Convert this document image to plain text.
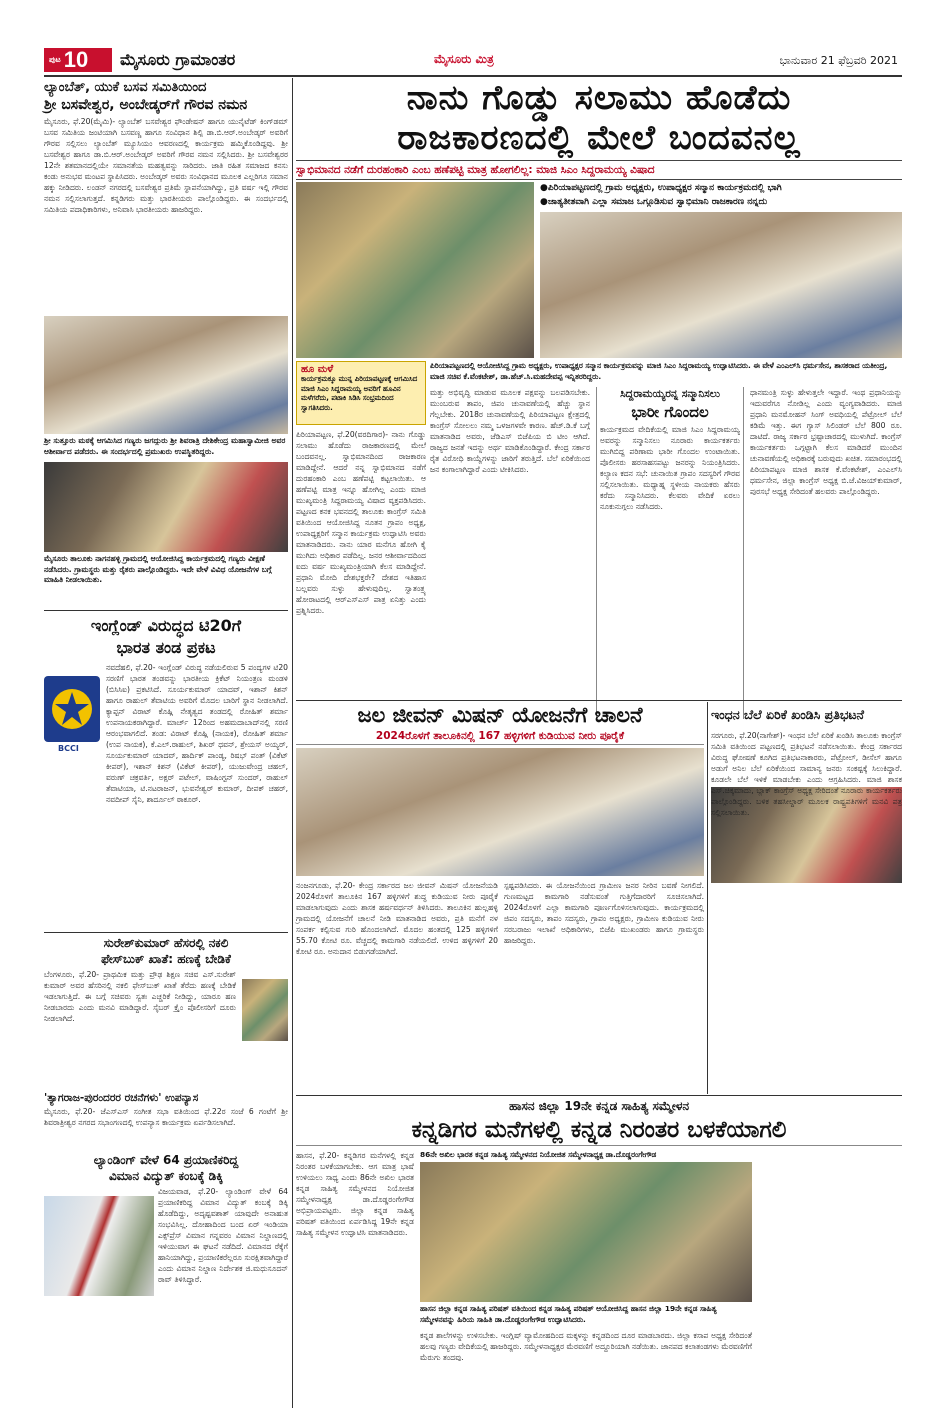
ಪುಟ 10 ಮೈಸೂರು ಗ್ರಾಮಾಂತರ	ಮೈಸೂರು ಮಿತ್ರ	ಭಾನುವಾರ 21 ಫೆಬ್ರವರಿ 2021
ಲ್ಯಾಂಬೆತ್, ಯುಕೆ ಬಸವ ಸಮಿತಿಯಿಂದ
ಶ್ರೀ ಬಸವೇಶ್ವರ, ಅಂಬೇಡ್ಕರ್‌ಗೆ ಗೌರವ ನಮನ
ಮೈಸೂರು, ಫೆ.20(ಮೈಮಿ)- ಲ್ಯಾಂಬೆತ್ ಬಸವೇಶ್ವರ ಫೌಂಡೇಷನ್ ಹಾಗೂ ಯುನೈಟೆಡ್ ಕಿಂಗ್‌ಡಮ್ ಬಸವ ಸಮಿತಿಯ ಜಂಟಿಯಾಗಿ ಬಸವಣ್ಣ ಹಾಗೂ ಸಂವಿಧಾನ ಶಿಲ್ಪಿ ಡಾ.ಬಿ.ಆರ್.ಅಂಬೇಡ್ಕರ್ ಅವರಿಗೆ ಗೌರವ ಸಲ್ಲಿಸಲು ಲ್ಯಾಂಬೆತ್ ಮ್ಯೂಸಿಯಂ ಆವರಣದಲ್ಲಿ ಕಾರ್ಯಕ್ರಮ ಹಮ್ಮಿಕೊಂಡಿದ್ದವು. ಶ್ರೀ ಬಸವೇಶ್ವರ ಹಾಗೂ ಡಾ.ಬಿ.ಆರ್.ಅಂಬೇಡ್ಕರ್ ಅವರಿಗೆ ಗೌರವ ನಮನ ಸಲ್ಲಿಸಿದರು. ಶ್ರೀ ಬಸವೇಶ್ವರರ 12ನೇ ಶತಮಾನದಲ್ಲಿಯೇ ಸಮಾನತೆಯ ಮಹತ್ವವನ್ನು ಸಾರಿದರು. ಜಾತಿ ರಹಿತ ಸಮಾಜದ ಕನಸು ಕಂಡು ಅನುಭವ ಮಂಟಪ ಸ್ಥಾಪಿಸಿದರು. ಅಂಬೇಡ್ಕರ್ ಅವರು ಸಂವಿಧಾನದ ಮೂಲಕ ಎಲ್ಲರಿಗೂ ಸಮಾನ ಹಕ್ಕು ನೀಡಿದರು. ಲಂಡನ್ ನಗರದಲ್ಲಿ ಬಸವೇಶ್ವರ ಪ್ರತಿಮೆ ಸ್ಥಾಪನೆಯಾಗಿದ್ದು, ಪ್ರತಿ ವರ್ಷ ಇಲ್ಲಿ ಗೌರವ ನಮನ ಸಲ್ಲಿಸಲಾಗುತ್ತದೆ. ಕನ್ನಡಿಗರು ಮತ್ತು ಭಾರತೀಯರು ಪಾಲ್ಗೊಂಡಿದ್ದರು. ಈ ಸಂದರ್ಭದಲ್ಲಿ ಸಮಿತಿಯ ಪದಾಧಿಕಾರಿಗಳು, ಅನಿವಾಸಿ ಭಾರತೀಯರು ಹಾಜರಿದ್ದರು.
ಶ್ರೀ ಸುತ್ತೂರು ಮಠಕ್ಕೆ ಆಗಮಿಸಿದ ಗಣ್ಯರು ಜಗದ್ಗುರು ಶ್ರೀ ಶಿವರಾತ್ರಿ ದೇಶಿಕೇಂದ್ರ ಮಹಾಸ್ವಾಮೀಜಿ ಅವರ ಆಶೀರ್ವಾದ ಪಡೆದರು. ಈ ಸಂದರ್ಭದಲ್ಲಿ ಪ್ರಮುಖರು ಉಪಸ್ಥಿತರಿದ್ದರು.
ಮೈಸೂರು ತಾಲೂಕು ನಾಗನಹಳ್ಳಿ ಗ್ರಾಮದಲ್ಲಿ ಆಯೋಜಿಸಿದ್ದ ಕಾರ್ಯಕ್ರಮದಲ್ಲಿ ಗಣ್ಯರು ವೀಕ್ಷಣೆ ನಡೆಸಿದರು. ಗ್ರಾಮಸ್ಥರು ಮತ್ತು ರೈತರು ಪಾಲ್ಗೊಂಡಿದ್ದರು. ಇದೇ ವೇಳೆ ವಿವಿಧ ಯೋಜನೆಗಳ ಬಗ್ಗೆ ಮಾಹಿತಿ ನೀಡಲಾಯಿತು.
ಇಂಗ್ಲೆಂಡ್ ವಿರುದ್ಧದ ಟಿ20ಗೆ
ಭಾರತ ತಂಡ ಪ್ರಕಟ
BCCI
ನವದೆಹಲಿ, ಫೆ.20- ಇಂಗ್ಲೆಂಡ್ ವಿರುದ್ಧ ನಡೆಯಲಿರುವ 5 ಪಂದ್ಯಗಳ ಟಿ20 ಸರಣಿಗೆ ಭಾರತ ತಂಡವನ್ನು ಭಾರತೀಯ ಕ್ರಿಕೆಟ್ ನಿಯಂತ್ರಣ ಮಂಡಳಿ (ಬಿಸಿಸಿಐ) ಪ್ರಕಟಿಸಿದೆ. ಸೂರ್ಯಕುಮಾರ್ ಯಾದವ್, ಇಶಾನ್ ಕಿಶನ್ ಹಾಗೂ ರಾಹುಲ್ ತೆವಾಟಿಯ ಅವರಿಗೆ ಮೊದಲ ಬಾರಿಗೆ ಸ್ಥಾನ ನೀಡಲಾಗಿದೆ. ಕ್ಯಾಪ್ಟನ್ ವಿರಾಟ್ ಕೊಹ್ಲಿ ನೇತೃತ್ವದ ತಂಡದಲ್ಲಿ ರೋಹಿತ್ ಶರ್ಮಾ ಉಪನಾಯಕರಾಗಿದ್ದಾರೆ. ಮಾರ್ಚ್ 12ರಿಂದ ಅಹಮದಾಬಾದ್‌ನಲ್ಲಿ ಸರಣಿ ಆರಂಭವಾಗಲಿದೆ. ತಂಡ: ವಿರಾಟ್ ಕೊಹ್ಲಿ (ನಾಯಕ), ರೋಹಿತ್ ಶರ್ಮಾ (ಉಪ ನಾಯಕ), ಕೆ.ಎಲ್.ರಾಹುಲ್, ಶಿಖರ್ ಧವನ್, ಶ್ರೇಯಸ್ ಅಯ್ಯರ್, ಸೂರ್ಯಕುಮಾರ್ ಯಾದವ್, ಹಾರ್ದಿಕ್ ಪಾಂಡ್ಯ, ರಿಷಭ್ ಪಂತ್ (ವಿಕೆಟ್ ಕೀಪರ್), ಇಶಾನ್ ಕಿಶನ್ (ವಿಕೆಟ್ ಕೀಪರ್), ಯುಜುವೇಂದ್ರ ಚಹಲ್, ವರುಣ್ ಚಕ್ರವರ್ತಿ, ಅಕ್ಷರ್ ಪಟೇಲ್, ವಾಷಿಂಗ್ಟನ್ ಸುಂದರ್, ರಾಹುಲ್ ತೆವಾಟಿಯಾ, ಟಿ.ನಟರಾಜನ್, ಭುವನೇಶ್ವರ್ ಕುಮಾರ್, ದೀಪಕ್ ಚಹರ್, ನವದೀಪ್ ಸೈನಿ, ಶಾರ್ದೂಲ್ ಠಾಕೂರ್.
ಸುರೇಶ್‌ಕುಮಾರ್ ಹೆಸರಲ್ಲಿ ನಕಲಿ
ಫೇಸ್‌ಬುಕ್ ಖಾತೆ: ಹಣಕ್ಕೆ ಬೇಡಿಕೆ
ಬೆಂಗಳೂರು, ಫೆ.20- ಪ್ರಾಥಮಿಕ ಮತ್ತು ಪ್ರೌಢ ಶಿಕ್ಷಣ ಸಚಿವ ಎಸ್.ಸುರೇಶ್ ಕುಮಾರ್ ಅವರ ಹೆಸರಿನಲ್ಲಿ ನಕಲಿ ಫೇಸ್‌ಬುಕ್ ಖಾತೆ ತೆರೆದು ಹಣಕ್ಕೆ ಬೇಡಿಕೆ ಇಡಲಾಗುತ್ತಿದೆ. ಈ ಬಗ್ಗೆ ಸಚಿವರು ಸ್ವತಃ ಎಚ್ಚರಿಕೆ ನೀಡಿದ್ದು, ಯಾರೂ ಹಣ ನೀಡಬಾರದು ಎಂದು ಮನವಿ ಮಾಡಿದ್ದಾರೆ. ಸೈಬರ್ ಕ್ರೈಂ ಪೊಲೀಸರಿಗೆ ದೂರು ನೀಡಲಾಗಿದೆ.
'ತ್ಯಾಗರಾಜ-ಪುರಂದರರ ರಚನೆಗಳು' ಉಪನ್ಯಾಸ
ಮೈಸೂರು, ಫೆ.20- ಜೆಎಸ್‌ಎಸ್ ಸಂಗೀತ ಸಭಾ ವತಿಯಿಂದ ಫೆ.22ರ ಸಂಜೆ 6 ಗಂಟೆಗೆ ಶ್ರೀ ಶಿವರಾತ್ರೀಶ್ವರ ನಗರದ ಸಭಾಂಗಣದಲ್ಲಿ ಉಪನ್ಯಾಸ ಕಾರ್ಯಕ್ರಮ ಏರ್ಪಡಿಸಲಾಗಿದೆ.
ಲ್ಯಾಂಡಿಂಗ್ ವೇಳೆ 64 ಪ್ರಯಾಣಿಕರಿದ್ದ
ವಿಮಾನ ವಿದ್ಯುತ್ ಕಂಬಕ್ಕೆ ಡಿಕ್ಕಿ
ವಿಜಯವಾಡ, ಫೆ.20- ಲ್ಯಾಂಡಿಂಗ್ ವೇಳೆ 64 ಪ್ರಯಾಣಿಕರಿದ್ದ ವಿಮಾನ ವಿದ್ಯುತ್ ಕಂಬಕ್ಕೆ ಡಿಕ್ಕಿ ಹೊಡೆದಿದ್ದು, ಅದೃಷ್ಟವಶಾತ್ ಯಾವುದೇ ಅನಾಹುತ ಸಂಭವಿಸಿಲ್ಲ. ದೋಹಾದಿಂದ ಬಂದ ಏರ್ ಇಂಡಿಯಾ ಎಕ್ಸ್‌ಪ್ರೆಸ್ ವಿಮಾನ ಗನ್ನವರಂ ವಿಮಾನ ನಿಲ್ದಾಣದಲ್ಲಿ ಇಳಿಯುವಾಗ ಈ ಘಟನೆ ನಡೆದಿದೆ. ವಿಮಾನದ ರೆಕ್ಕೆಗೆ ಹಾನಿಯಾಗಿದ್ದು, ಪ್ರಯಾಣಿಕರೆಲ್ಲರೂ ಸುರಕ್ಷಿತವಾಗಿದ್ದಾರೆ ಎಂದು ವಿಮಾನ ನಿಲ್ದಾಣ ನಿರ್ದೇಶಕ ಜಿ.ಮಧುಸೂದನ್ ರಾವ್ ತಿಳಿಸಿದ್ದಾರೆ.
ನಾನು ಗೊಡ್ಡು ಸಲಾಮು ಹೊಡೆದು
ರಾಜಕಾರಣದಲ್ಲಿ ಮೇಲೆ ಬಂದವನಲ್ಲ
ಸ್ವಾಭಿಮಾನದ ನಡೆಗೆ ದುರಹಂಕಾರಿ ಎಂಬ ಹಣೆಪಟ್ಟಿ ಮಾತ್ರ ಹೋಗಲಿಲ್ಲ: ಮಾಜಿ ಸಿಎಂ ಸಿದ್ದರಾಮಯ್ಯ ವಿಷಾದ
●ಪಿರಿಯಾಪಟ್ಟಣದಲ್ಲಿ ಗ್ರಾಮ ಅಧ್ಯಕ್ಷರು, ಉಪಾಧ್ಯಕ್ಷರ ಸನ್ಮಾನ ಕಾರ್ಯಕ್ರಮದಲ್ಲಿ ಭಾಗಿ
●ಜಾತ್ಯತೀತವಾಗಿ ಎಲ್ಲಾ ಸಮಾಜ ಒಗ್ಗೂಡಿಸುವ ಸ್ವಾಭಿಮಾನಿ ರಾಜಕಾರಣ ನನ್ನದು
ಹೂ ಮಳೆ
ಕಾರ್ಯಕ್ರಮಕ್ಕೂ ಮುನ್ನ ಪಿರಿಯಾಪಟ್ಟಣಕ್ಕೆ ಆಗಮಿಸಿದ ಮಾಜಿ ಸಿಎಂ ಸಿದ್ದರಾಮಯ್ಯ ಅವರಿಗೆ ಹೂವಿನ ಮಳೆಗರೆದು, ಪಟಾಕಿ ಸಿಡಿಸಿ ಸಂಭ್ರಮದಿಂದ ಸ್ವಾಗತಿಸಿದರು.
ಪಿರಿಯಾಪಟ್ಟಣದಲ್ಲಿ ಆಯೋಜಿಸಿದ್ದ ಗ್ರಾಮ ಅಧ್ಯಕ್ಷರು, ಉಪಾಧ್ಯಕ್ಷರ ಸನ್ಮಾನ ಕಾರ್ಯಕ್ರಮವನ್ನು ಮಾಜಿ ಸಿಎಂ ಸಿದ್ದರಾಮಯ್ಯ ಉದ್ಘಾಟಿಸಿದರು. ಈ ವೇಳೆ ಎಂಎಲ್‌ಸಿ ಧರ್ಮಸೇನ, ಶಾಸಕರಾದ ಯತೀಂದ್ರ, ಮಾಜಿ ಸಚಿವ ಕೆ.ವೆಂಕಟೇಶ್, ಡಾ.ಹೆಚ್.ಸಿ.ಮಹದೇವಪ್ಪ ಇನ್ನಿತರರಿದ್ದರು.
ಪಿರಿಯಾಪಟ್ಟಣ, ಫೆ.20(ವರದಿಗಾರ)- ನಾನು ಗೊಡ್ಡು ಸಲಾಮು ಹೊಡೆದು ರಾಜಕಾರಣದಲ್ಲಿ ಮೇಲೆ ಬಂದವನಲ್ಲ. ಸ್ವಾಭಿಮಾನದಿಂದ ರಾಜಕಾರಣ ಮಾಡಿದ್ದೇನೆ. ಆದರೆ ನನ್ನ ಸ್ವಾಭಿಮಾನದ ನಡೆಗೆ ದುರಹಂಕಾರಿ ಎಂಬ ಹಣೆಪಟ್ಟಿ ಕಟ್ಟಲಾಯಿತು. ಆ ಹಣೆಪಟ್ಟಿ ಮಾತ್ರ ಇನ್ನೂ ಹೋಗಿಲ್ಲ ಎಂದು ಮಾಜಿ ಮುಖ್ಯಮಂತ್ರಿ ಸಿದ್ದರಾಮಯ್ಯ ವಿಷಾದ ವ್ಯಕ್ತಪಡಿಸಿದರು. ಪಟ್ಟಣದ ಕನಕ ಭವನದಲ್ಲಿ ತಾಲೂಕು ಕಾಂಗ್ರೆಸ್ ಸಮಿತಿ ವತಿಯಿಂದ ಆಯೋಜಿಸಿದ್ದ ನೂತನ ಗ್ರಾಪಂ ಅಧ್ಯಕ್ಷ, ಉಪಾಧ್ಯಕ್ಷರಿಗೆ ಸನ್ಮಾನ ಕಾರ್ಯಕ್ರಮ ಉದ್ಘಾಟಿಸಿ ಅವರು ಮಾತನಾಡಿದರು. ನಾನು ಯಾರ ಮನೆಗೂ ಹೋಗಿ ಕೈ ಮುಗಿದು ಅಧಿಕಾರ ಪಡೆದಿಲ್ಲ. ಜನರ ಆಶೀರ್ವಾದದಿಂದ ಐದು ವರ್ಷ ಮುಖ್ಯಮಂತ್ರಿಯಾಗಿ ಕೆಲಸ ಮಾಡಿದ್ದೇನೆ. ಪ್ರಧಾನಿ ಮೋದಿ ದೇಶಭಕ್ತರೇ? ದೇಶದ ಇತಿಹಾಸ ಬಲ್ಲವರು ಸುಳ್ಳು ಹೇಳುವುದಿಲ್ಲ. ಸ್ವಾತಂತ್ರ್ಯ ಹೋರಾಟದಲ್ಲಿ ಆರ್‌ಎಸ್‌ಎಸ್ ಪಾತ್ರ ಏನಿತ್ತು ಎಂದು ಪ್ರಶ್ನಿಸಿದರು.
ಮತ್ತು ಅಭಿವೃದ್ಧಿ ಮಾಡುವ ಮೂಲಕ ಪಕ್ಷವನ್ನು ಬಲಪಡಿಸಬೇಕು. ಮುಂಬರುವ ತಾಪಂ, ಜಿಪಂ ಚುನಾವಣೆಯಲ್ಲಿ ಹೆಚ್ಚು ಸ್ಥಾನ ಗೆಲ್ಲಬೇಕು. 2018ರ ಚುನಾವಣೆಯಲ್ಲಿ ಪಿರಿಯಾಪಟ್ಟಣ ಕ್ಷೇತ್ರದಲ್ಲಿ ಕಾಂಗ್ರೆಸ್ ಸೋಲಲು ನಮ್ಮ ಒಳಜಗಳವೇ ಕಾರಣ. ಹೆಚ್.ಡಿ.ಕೆ ಬಗ್ಗೆ ಮಾತನಾಡಿದ ಅವರು, ಜೆಡಿಎಸ್ ಬಿಜೆಪಿಯ ಬಿ ಟೀಂ ಆಗಿದೆ. ರಾಜ್ಯದ ಜನತೆ ಇದನ್ನು ಅರ್ಥ ಮಾಡಿಕೊಂಡಿದ್ದಾರೆ. ಕೇಂದ್ರ ಸರ್ಕಾರ ರೈತ ವಿರೋಧಿ ಕಾಯ್ದೆಗಳನ್ನು ಜಾರಿಗೆ ತರುತ್ತಿದೆ. ಬೆಲೆ ಏರಿಕೆಯಿಂದ ಜನ ಕಂಗಾಲಾಗಿದ್ದಾರೆ ಎಂದು ಟೀಕಿಸಿದರು.
ಸಿದ್ದರಾಮಯ್ಯರನ್ನ ಸನ್ಮಾನಿಸಲು
ಭಾರೀ ಗೊಂದಲ
ಕಾರ್ಯಕ್ರಮದ ವೇದಿಕೆಯಲ್ಲಿ ಮಾಜಿ ಸಿಎಂ ಸಿದ್ದರಾಮಯ್ಯ ಅವರನ್ನು ಸನ್ಮಾನಿಸಲು ನೂರಾರು ಕಾರ್ಯಕರ್ತರು ಮುಗಿಬಿದ್ದ ಪರಿಣಾಮ ಭಾರೀ ಗೊಂದಲ ಉಂಟಾಯಿತು. ಪೊಲೀಸರು ಹರಸಾಹಸಪಟ್ಟು ಜನರನ್ನು ನಿಯಂತ್ರಿಸಿದರು. ಕಲ್ಯಾಣ ಕದನ ಸಭೆ: ಚುನಾಯಿತ ಗ್ರಾಪಂ ಸದಸ್ಯರಿಗೆ ಗೌರವ ಸಲ್ಲಿಸಲಾಯಿತು. ಮಧ್ಯಾಹ್ನ ಸ್ಥಳೀಯ ನಾಯಕರು ಹೆಸರು ಕರೆದು ಸನ್ಮಾನಿಸಿದರು. ಕೆಲವರು ವೇದಿಕೆ ಏರಲು ನೂಕುನುಗ್ಗಲು ನಡೆಸಿದರು.
ಧಾನಮಂತ್ರಿ ಸುಳ್ಳು ಹೇಳುತ್ತಲೇ ಇದ್ದಾರೆ. ಇಂಥ ಪ್ರಧಾನಿಯನ್ನು ಇದುವರೆಗೂ ನೋಡಿಲ್ಲ ಎಂದು ವ್ಯಂಗ್ಯವಾಡಿದರು. ಮಾಜಿ ಪ್ರಧಾನಿ ಮನಮೋಹನ್ ಸಿಂಗ್ ಅವಧಿಯಲ್ಲಿ ಪೆಟ್ರೋಲ್ ಬೆಲೆ ಕಡಿಮೆ ಇತ್ತು. ಈಗ ಗ್ಯಾಸ್ ಸಿಲಿಂಡರ್ ಬೆಲೆ 800 ರೂ. ದಾಟಿದೆ. ರಾಜ್ಯ ಸರ್ಕಾರ ಭ್ರಷ್ಟಾಚಾರದಲ್ಲಿ ಮುಳುಗಿದೆ. ಕಾಂಗ್ರೆಸ್ ಕಾರ್ಯಕರ್ತರು ಒಗ್ಗಟ್ಟಾಗಿ ಕೆಲಸ ಮಾಡಿದರೆ ಮುಂದಿನ ಚುನಾವಣೆಯಲ್ಲಿ ಅಧಿಕಾರಕ್ಕೆ ಬರುವುದು ಖಚಿತ. ಸಮಾರಂಭದಲ್ಲಿ ಪಿರಿಯಾಪಟ್ಟಣ ಮಾಜಿ ಶಾಸಕ ಕೆ.ವೆಂಕಟೇಶ್, ಎಂಎಲ್‌ಸಿ ಧರ್ಮಸೇನ, ಜಿಲ್ಲಾ ಕಾಂಗ್ರೆಸ್ ಅಧ್ಯಕ್ಷ ಬಿ.ಜೆ.ವಿಜಯ್‌ಕುಮಾರ್, ಪುರಸಭೆ ಅಧ್ಯಕ್ಷ ಸೇರಿದಂತೆ ಹಲವರು ಪಾಲ್ಗೊಂಡಿದ್ದರು.
ಜಲ ಜೀವನ್ ಮಿಷನ್ ಯೋಜನೆಗೆ ಚಾಲನೆ
2024ರೊಳಗೆ ತಾಲೂಕಿನಲ್ಲಿ 167 ಹಳ್ಳಿಗಳಿಗೆ ಕುಡಿಯುವ ನೀರು ಪೂರೈಕೆ
ನಂಜನಗೂಡು, ಫೆ.20- ಕೇಂದ್ರ ಸರ್ಕಾರದ ಜಲ ಜೀವನ್ ಮಿಷನ್ ಯೋಜನೆಯಡಿ 2024ರೊಳಗೆ ತಾಲೂಕಿನ 167 ಹಳ್ಳಿಗಳಿಗೆ ಶುದ್ಧ ಕುಡಿಯುವ ನೀರು ಪೂರೈಕೆ ಮಾಡಲಾಗುವುದು ಎಂದು ಶಾಸಕ ಹರ್ಷವರ್ಧನ್ ತಿಳಿಸಿದರು. ತಾಲೂಕಿನ ಹುಲ್ಲಹಳ್ಳಿ ಗ್ರಾಮದಲ್ಲಿ ಯೋಜನೆಗೆ ಚಾಲನೆ ನೀಡಿ ಮಾತನಾಡಿದ ಅವರು, ಪ್ರತಿ ಮನೆಗೆ ನಳ ಸಂಪರ್ಕ ಕಲ್ಪಿಸುವ ಗುರಿ ಹೊಂದಲಾಗಿದೆ. ಮೊದಲ ಹಂತದಲ್ಲಿ 125 ಹಳ್ಳಿಗಳಿಗೆ 55.70 ಕೋಟಿ ರೂ. ವೆಚ್ಚದಲ್ಲಿ ಕಾಮಗಾರಿ ನಡೆಯಲಿದೆ. ಉಳಿದ ಹಳ್ಳಿಗಳಿಗೆ 20 ಕೋಟಿ ರೂ. ಅನುದಾನ ಬಿಡುಗಡೆಯಾಗಿದೆ.
ಸ್ಪಷ್ಟಪಡಿಸಿದರು. ಈ ಯೋಜನೆಯಿಂದ ಗ್ರಾಮೀಣ ಜನರ ನೀರಿನ ಬವಣೆ ನೀಗಲಿದೆ. ಗುಣಮಟ್ಟದ ಕಾಮಗಾರಿ ನಡೆಸುವಂತೆ ಗುತ್ತಿಗೆದಾರರಿಗೆ ಸೂಚಿಸಲಾಗಿದೆ. 2024ರೊಳಗೆ ಎಲ್ಲಾ ಕಾಮಗಾರಿ ಪೂರ್ಣಗೊಳಿಸಲಾಗುವುದು. ಕಾರ್ಯಕ್ರಮದಲ್ಲಿ ಜಿಪಂ ಸದಸ್ಯರು, ತಾಪಂ ಸದಸ್ಯರು, ಗ್ರಾಪಂ ಅಧ್ಯಕ್ಷರು, ಗ್ರಾಮೀಣ ಕುಡಿಯುವ ನೀರು ಸರಬರಾಜು ಇಲಾಖೆ ಅಧಿಕಾರಿಗಳು, ಬಿಜೆಪಿ ಮುಖಂಡರು ಹಾಗೂ ಗ್ರಾಮಸ್ಥರು ಹಾಜರಿದ್ದರು.
ಇಂಧನ ಬೆಲೆ ಏರಿಕೆ ಖಂಡಿಸಿ ಪ್ರತಿಭಟನೆ
ಸರಗೂರು, ಫೆ.20(ನಾಗೇಶ್)- ಇಂಧನ ಬೆಲೆ ಏರಿಕೆ ಖಂಡಿಸಿ ತಾಲೂಕು ಕಾಂಗ್ರೆಸ್ ಸಮಿತಿ ವತಿಯಿಂದ ಪಟ್ಟಣದಲ್ಲಿ ಪ್ರತಿಭಟನೆ ನಡೆಸಲಾಯಿತು. ಕೇಂದ್ರ ಸರ್ಕಾರದ ವಿರುದ್ಧ ಘೋಷಣೆ ಕೂಗಿದ ಪ್ರತಿಭಟನಾಕಾರರು, ಪೆಟ್ರೋಲ್, ಡೀಸೆಲ್ ಹಾಗೂ ಅಡುಗೆ ಅನಿಲ ಬೆಲೆ ಏರಿಕೆಯಿಂದ ಸಾಮಾನ್ಯ ಜನರು ಸಂಕಷ್ಟಕ್ಕೆ ಸಿಲುಕಿದ್ದಾರೆ. ಕೂಡಲೇ ಬೆಲೆ ಇಳಿಕೆ ಮಾಡಬೇಕು ಎಂದು ಆಗ್ರಹಿಸಿದರು. ಮಾಜಿ ಶಾಸಕ ಎಸ್.ಚಿಕ್ಕಮಾದು, ಬ್ಲಾಕ್ ಕಾಂಗ್ರೆಸ್ ಅಧ್ಯಕ್ಷ ಸೇರಿದಂತೆ ನೂರಾರು ಕಾರ್ಯಕರ್ತರು ಪಾಲ್ಗೊಂಡಿದ್ದರು. ಬಳಿಕ ತಹಸೀಲ್ದಾರ್ ಮೂಲಕ ರಾಷ್ಟ್ರಪತಿಗಳಿಗೆ ಮನವಿ ಪತ್ರ ಸಲ್ಲಿಸಲಾಯಿತು.
ಹಾಸನ ಜಿಲ್ಲಾ 19ನೇ ಕನ್ನಡ ಸಾಹಿತ್ಯ ಸಮ್ಮೇಳನ
ಕನ್ನಡಿಗರ ಮನೆಗಳಲ್ಲಿ ಕನ್ನಡ ನಿರಂತರ ಬಳಕೆಯಾಗಲಿ
ಹಾಸನ, ಫೆ.20- ಕನ್ನಡಿಗರ ಮನೆಗಳಲ್ಲಿ ಕನ್ನಡ ನಿರಂತರ ಬಳಕೆಯಾಗಬೇಕು. ಆಗ ಮಾತ್ರ ಭಾಷೆ ಉಳಿಯಲು ಸಾಧ್ಯ ಎಂದು 86ನೇ ಅಖಿಲ ಭಾರತ ಕನ್ನಡ ಸಾಹಿತ್ಯ ಸಮ್ಮೇಳನದ ನಿಯೋಜಿತ ಸಮ್ಮೇಳನಾಧ್ಯಕ್ಷ ಡಾ.ದೊಡ್ಡರಂಗೇಗೌಡ ಅಭಿಪ್ರಾಯಪಟ್ಟರು. ಜಿಲ್ಲಾ ಕನ್ನಡ ಸಾಹಿತ್ಯ ಪರಿಷತ್ ವತಿಯಿಂದ ಏರ್ಪಡಿಸಿದ್ದ 19ನೇ ಕನ್ನಡ ಸಾಹಿತ್ಯ ಸಮ್ಮೇಳನ ಉದ್ಘಾಟಿಸಿ ಮಾತನಾಡಿದರು.
86ನೇ ಅಖಿಲ ಭಾರತ ಕನ್ನಡ ಸಾಹಿತ್ಯ ಸಮ್ಮೇಳನದ ನಿಯೋಜಿತ ಸಮ್ಮೇಳನಾಧ್ಯಕ್ಷ ಡಾ.ದೊಡ್ಡರಂಗೇಗೌಡ
ಹಾಸನ ಜಿಲ್ಲಾ ಕನ್ನಡ ಸಾಹಿತ್ಯ ಪರಿಷತ್ ವತಿಯಿಂದ ಕನ್ನಡ ಸಾಹಿತ್ಯ ಪರಿಷತ್ ಆಯೋಜಿಸಿದ್ದ ಹಾಸನ ಜಿಲ್ಲಾ 19ನೇ ಕನ್ನಡ ಸಾಹಿತ್ಯ ಸಮ್ಮೇಳನವನ್ನು ಹಿರಿಯ ಸಾಹಿತಿ ಡಾ.ದೊಡ್ಡರಂಗೇಗೌಡ ಉದ್ಘಾಟಿಸಿದರು.
ಕನ್ನಡ ಶಾಲೆಗಳನ್ನು ಉಳಿಸಬೇಕು. ಇಂಗ್ಲಿಷ್ ವ್ಯಾಮೋಹದಿಂದ ಮಕ್ಕಳನ್ನು ಕನ್ನಡದಿಂದ ದೂರ ಮಾಡಬಾರದು. ಜಿಲ್ಲಾ ಕಸಾಪ ಅಧ್ಯಕ್ಷ ಸೇರಿದಂತೆ ಹಲವು ಗಣ್ಯರು ವೇದಿಕೆಯಲ್ಲಿ ಹಾಜರಿದ್ದರು. ಸಮ್ಮೇಳನಾಧ್ಯಕ್ಷರ ಮೆರವಣಿಗೆ ಅದ್ದೂರಿಯಾಗಿ ನಡೆಯಿತು. ಜಾನಪದ ಕಲಾತಂಡಗಳು ಮೆರವಣಿಗೆಗೆ ಮೆರುಗು ತಂದವು.
